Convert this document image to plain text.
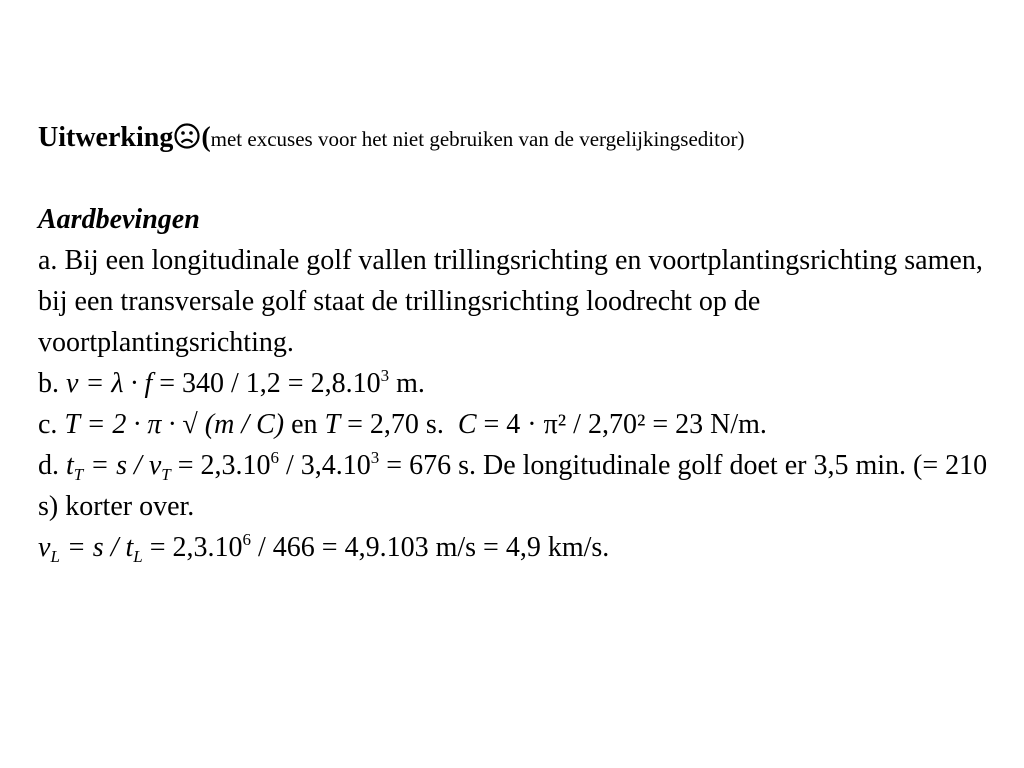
Uitwerking (met excuses voor het niet gebruiken van de vergelijkingseditor)
Aardbevingen

a. Bij een longitudinale golf vallen trillingsrichting en voortplantingsrichting samen, bij een transversale golf staat de trillingsrichting loodrecht op de voortplantingsrichting.

b. $v = \lambda \cdot f = 340 / 1,2 = 2,8.10^3$ m.

c. T = 2 · π · √ (m / C) en T = 2,70 s.  C = 4 · π² / 2,70² = 23 N/m.

d. $t_T = s / v_T = 2,3.10^6 / 3,4.10^3 = 676$ s. De longitudinale golf doet er 3,5 min. (= 210 s) korter over.

$v_L = s / t_L = 2,3.10^6 / 466 = 4,9.103$ m/s = 4,9 km/s.
